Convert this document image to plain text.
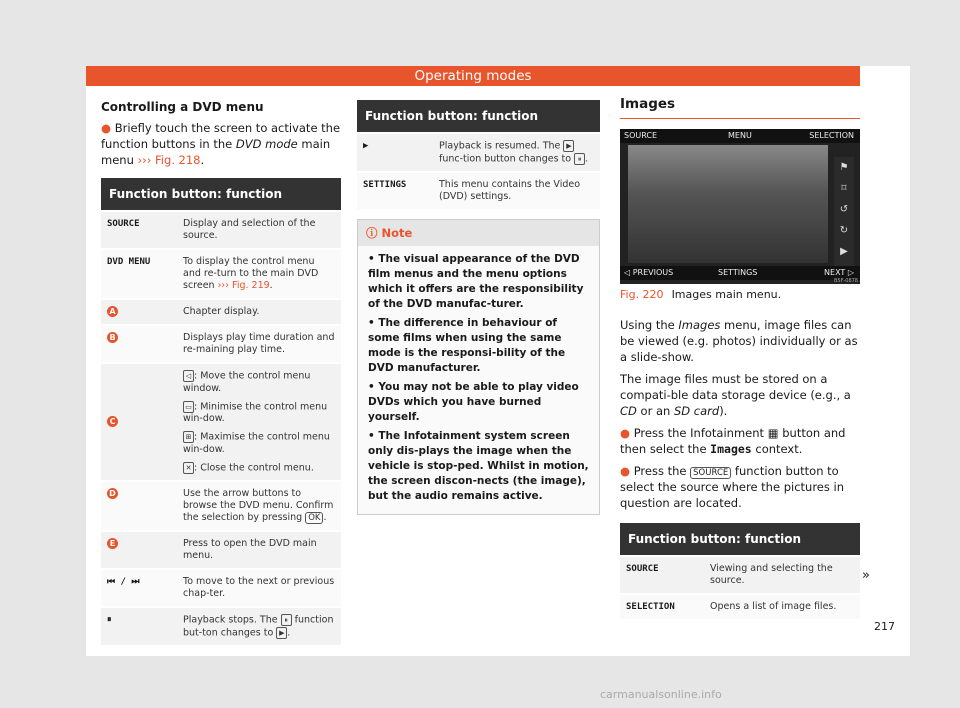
Operating modes
Controlling a DVD menu

● Briefly touch the screen to activate the function buttons in the DVD mode main menu ››› Fig. 218.

Function button: function	
SOURCE	Display and selection of the source.
DVD MENU	To display the control menu and re-turn to the main DVD screen ››› Fig. 219.
A	Chapter display.
B	Displays play time duration and re-maining play time.
C	◁ : Move the control menu window.
▭ : Minimise the control menu win-dow.
⊞ : Maximise the control menu win-dow.
✕ : Close the control menu.

D	Use the arrow buttons to browse the DVD menu. Confirm the selection by pressing OK .
E	Press to open the DVD main menu.
⏮ / ⏭	To move to the next or previous chap-ter.
⏸	Playback stops. The ⏸ function but-ton changes to ▶ .
Function button: function	
▶	Playback is resumed. The ▶ func-tion button changes to ⏸ .
SETTINGS	This menu contains the Video (DVD) settings.
ⓘ Note

• The visual appearance of the DVD film menus and the menu options which it offers are the responsibility of the DVD manufac-turer.

• The difference in behaviour of some films when using the same mode is the responsi-bility of the DVD manufacturer.

• You may not be able to play video DVDs which you have burned yourself.

• The Infotainment system screen only dis-plays the image when the vehicle is stop-ped. Whilst in motion, the screen discon-nects (the image), but the audio remains active.

Images
SOURCE	MENU	SELECTION
⚑
⌑
↺
↻
▶
◁ PREVIOUS	SETTINGS	NEXT ▷
B5F-0878
Fig. 220 Images main menu.

Using the Images menu, image files can be viewed (e.g. photos) individually or as a slide-show.

The image files must be stored on a compati-ble data storage device (e.g., a CD or an SD card).

● Press the Infotainment ▦ button and then select the Images context.

● Press the SOURCE function button to select the source where the pictures in question are located.

Function button: function	
SOURCE	Viewing and selecting the source.
SELECTION	Opens a list of image files.
»
217
carmanualsonline.info
